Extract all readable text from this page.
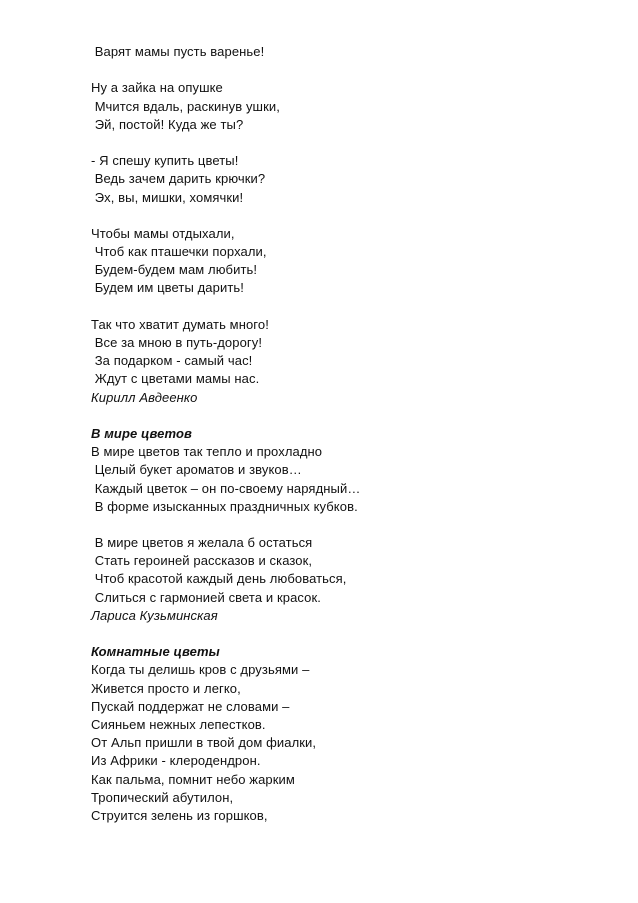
Варят мамы пусть варенье!
Ну а зайка на опушке
Мчится вдаль, раскинув ушки,
Эй, постой! Куда же ты?
- Я спешу купить цветы!
Ведь зачем дарить крючки?
Эх, вы, мишки, хомячки!
Чтобы мамы отдыхали,
Чтоб как пташечки порхали,
Будем-будем мам любить!
Будем им цветы дарить!
Так что хватит думать много!
Все за мною в путь-дорогу!
За подарком - самый час!
Ждут с цветами мамы нас.
Кирилл Авдеенко
В мире цветов
В мире цветов так тепло и прохладно
Целый букет ароматов и звуков…
Каждый цветок – он по-своему нарядный…
В форме изысканных праздничных кубков.
В мире цветов я желала б остаться
Стать героиней рассказов и сказок,
Чтоб красотой каждый день любоваться,
Слиться с гармонией света и красок.
Лариса Кузьминская
Комнатные цветы
Когда ты делишь кров с друзьями –
Живется просто и легко,
Пускай поддержат не словами –
Сияньем нежных лепестков.
От Альп пришли в твой дом фиалки,
Из Африки - клеродендрон.
Как пальма, помнит небо жарким
Тропический абутилон,
Струится зелень из горшков,
